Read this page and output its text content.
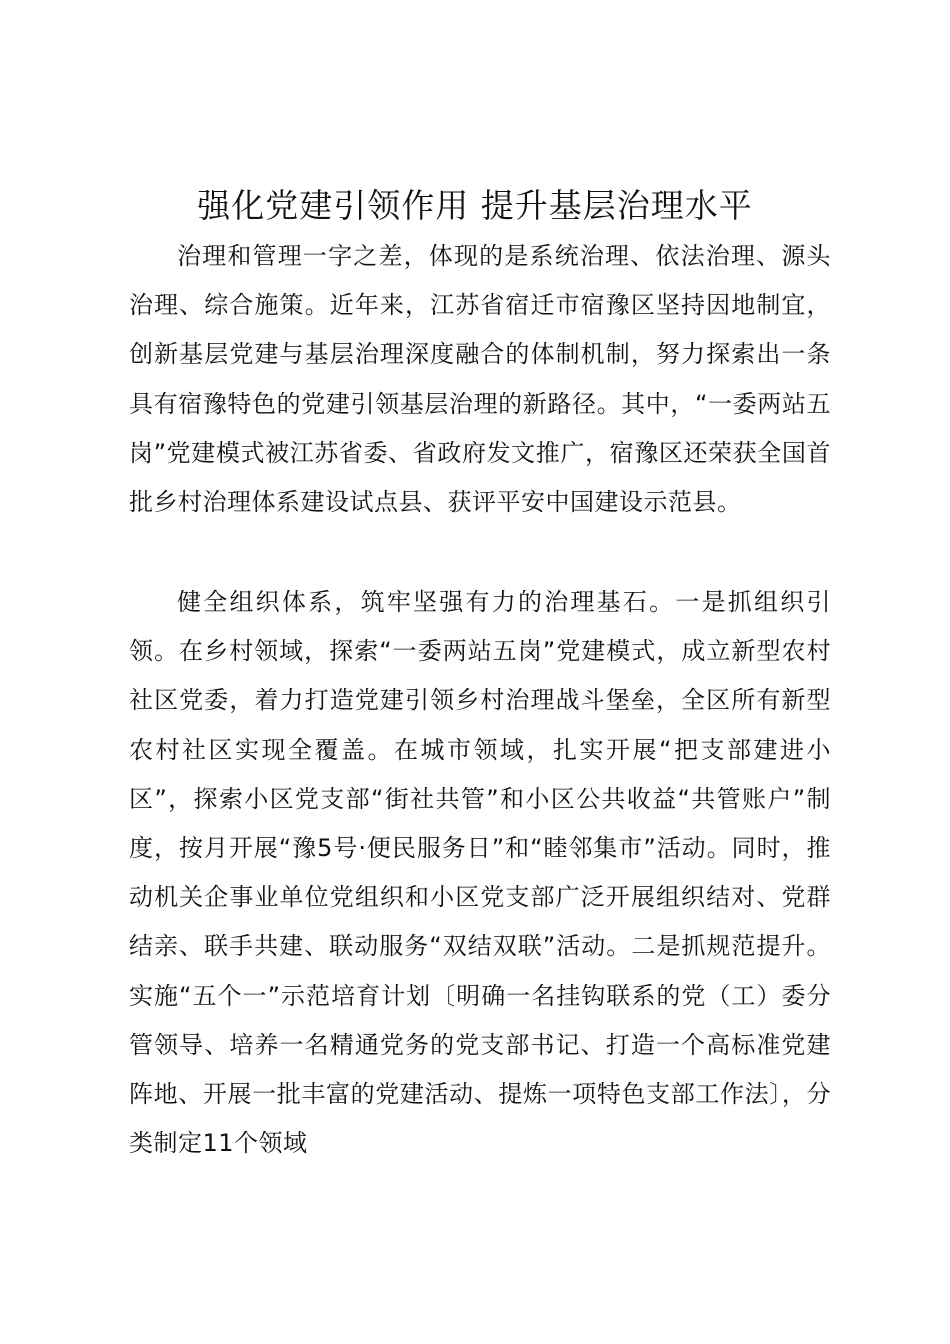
强化党建引领作用 提升基层治理水平

治理和管理一字之差，体现的是系统治理、依法治理、源头治理、综合施策。近年来，江苏省宿迁市宿豫区坚持因地制宜，创新基层党建与基层治理深度融合的体制机制，努力探索出一条具有宿豫特色的党建引领基层治理的新路径。其中，“一委两站五岗”党建模式被江苏省委、省政府发文推广，宿豫区还荣获全国首批乡村治理体系建设试点县、获评平安中国建设示范县。

健全组织体系，筑牢坚强有力的治理基石。一是抓组织引领。在乡村领域，探索“一委两站五岗”党建模式，成立新型农村社区党委，着力打造党建引领乡村治理战斗堡垒，全区所有新型农村社区实现全覆盖。在城市领域，扎实开展“把支部建进小区”，探索小区党支部“街社共管”和小区公共收益“共管账户”制度，按月开展“豫5号·便民服务日”和“睦邻集市”活动。同时，推动机关企事业单位党组织和小区党支部广泛开展组织结对、党群结亲、联手共建、联动服务“双结双联”活动。二是抓规范提升。实施“五个一”示范培育计划〔明确一名挂钩联系的党（工）委分管领导、培养一名精通党务的党支部书记、打造一个高标准党建阵地、开展一批丰富的党建活动、提炼一项特色支部工作法〕，分类制定11个领域
